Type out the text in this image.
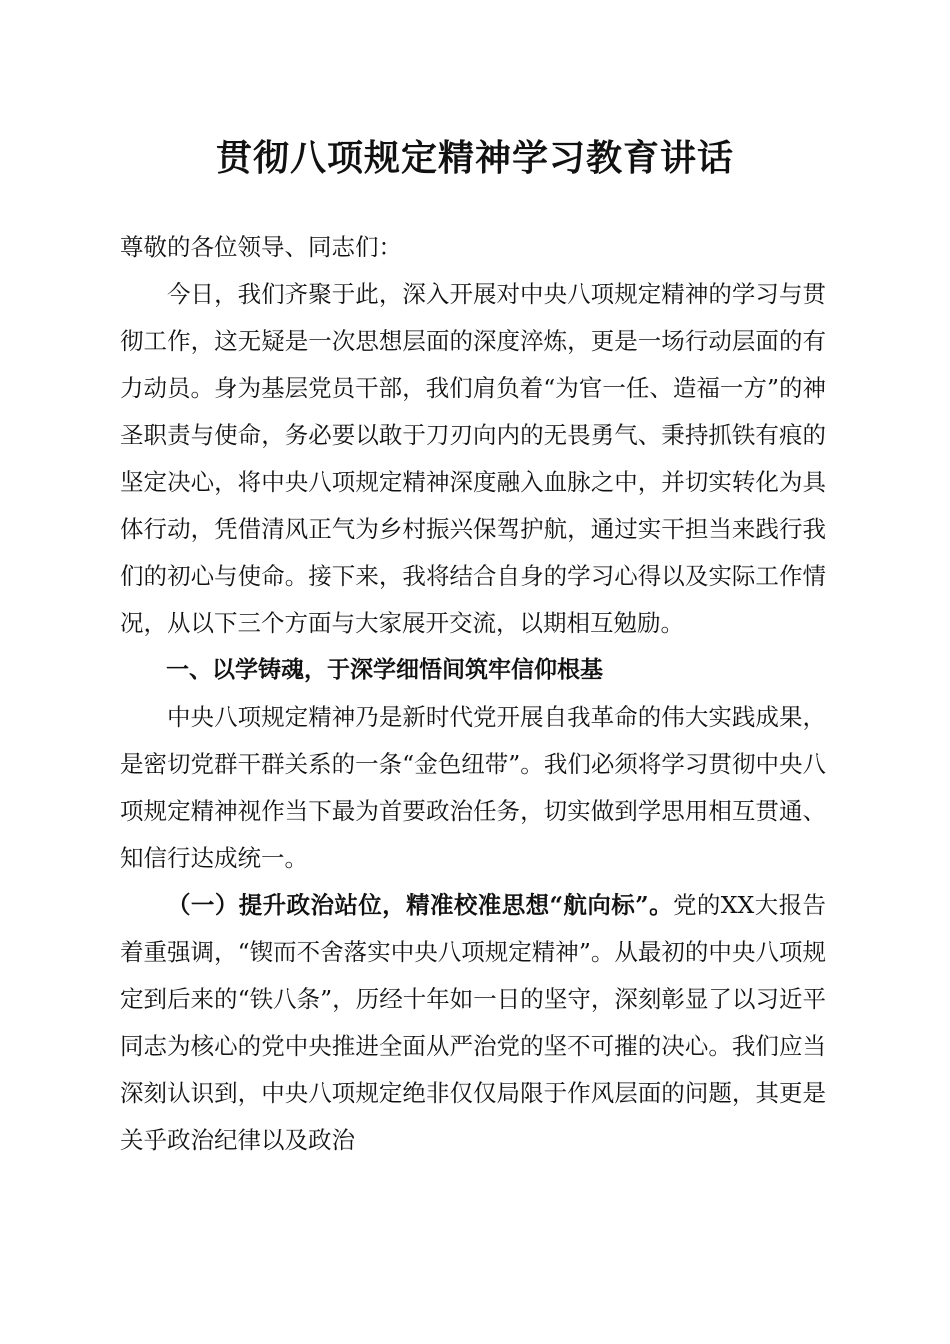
贯彻八项规定精神学习教育讲话

尊敬的各位领导、同志们：

今日，我们齐聚于此，深入开展对中央八项规定精神的学习与贯彻工作，这无疑是一次思想层面的深度淬炼，更是一场行动层面的有力动员。身为基层党员干部，我们肩负着“为官一任、造福一方”的神圣职责与使命，务必要以敢于刀刃向内的无畏勇气、秉持抓铁有痕的坚定决心，将中央八项规定精神深度融入血脉之中，并切实转化为具体行动，凭借清风正气为乡村振兴保驾护航，通过实干担当来践行我们的初心与使命。接下来，我将结合自身的学习心得以及实际工作情况，从以下三个方面与大家展开交流，以期相互勉励。

一、以学铸魂，于深学细悟间筑牢信仰根基

中央八项规定精神乃是新时代党开展自我革命的伟大实践成果，是密切党群干群关系的一条“金色纽带”。我们必须将学习贯彻中央八项规定精神视作当下最为首要政治任务，切实做到学思用相互贯通、知信行达成统一。

（一）提升政治站位，精准校准思想“航向标”。党的XX大报告着重强调，“锲而不舍落实中央八项规定精神”。从最初的中央八项规定到后来的“铁八条”，历经十年如一日的坚守，深刻彰显了以习近平同志为核心的党中央推进全面从严治党的坚不可摧的决心。我们应当深刻认识到，中央八项规定绝非仅仅局限于作风层面的问题，其更是关乎政治纪律以及政治
